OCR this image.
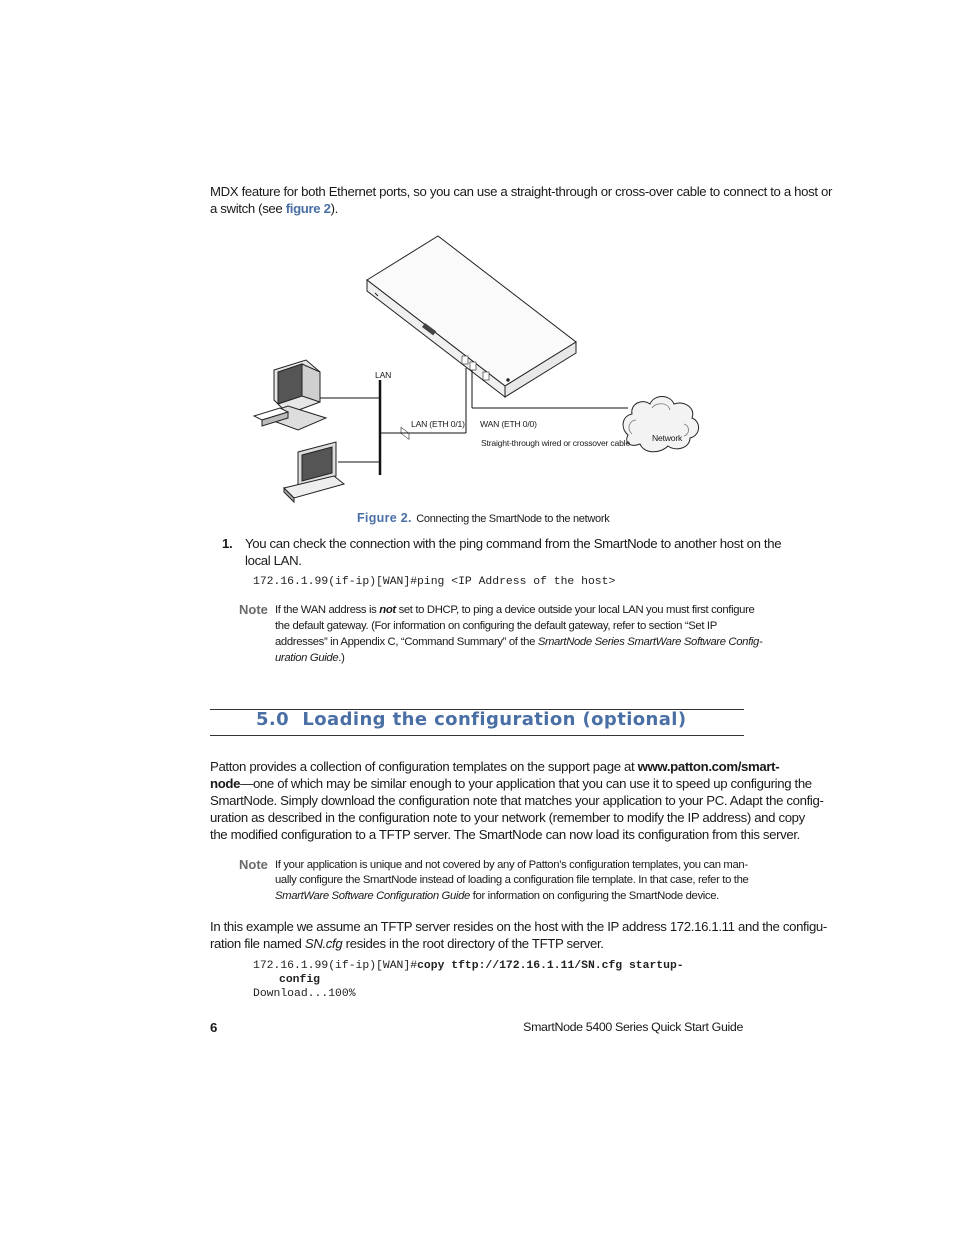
MDX feature for both Ethernet ports, so you can use a straight-through or cross-over cable to connect to a host or
a switch (see figure 2).
LAN
LAN (ETH 0/1) WAN (ETH 0/0)
Straight-through wired or crossover cable	Network
Figure 2. Connecting the SmartNode to the network
1. You can check the connection with the ping command from the SmartNode to another host on the
local LAN.
172.16.1.99(if-ip)[WAN]#ping <IP Address of the host>
Note If the WAN address is not set to DHCP, to ping a device outside your local LAN you must first configure
the default gateway. (For information on configuring the default gateway, refer to section “Set IP
addresses” in Appendix C, “Command Summary” of the SmartNode Series SmartWare Software Config-
uration Guide.)
5.0  Loading the configuration (optional)
Patton provides a collection of configuration templates on the support page at www.patton.com/smart-
node—one of which may be similar enough to your application that you can use it to speed up configuring the
SmartNode. Simply download the configuration note that matches your application to your PC. Adapt the config-
uration as described in the configuration note to your network (remember to modify the IP address) and copy
the modified configuration to a TFTP server. The SmartNode can now load its configuration from this server.
Note If your application is unique and not covered by any of Patton’s configuration templates, you can man-
ually configure the SmartNode instead of loading a configuration file template. In that case, refer to the
SmartWare Software Configuration Guide for information on configuring the SmartNode device.
In this example we assume an TFTP server resides on the host with the IP address 172.16.1.11 and the configu-
ration file named SN.cfg resides in the root directory of the TFTP server.
172.16.1.99(if-ip)[WAN]#copy tftp://172.16.1.11/SN.cfg startup-
config
Download...100%
6	SmartNode 5400 Series Quick Start Guide
